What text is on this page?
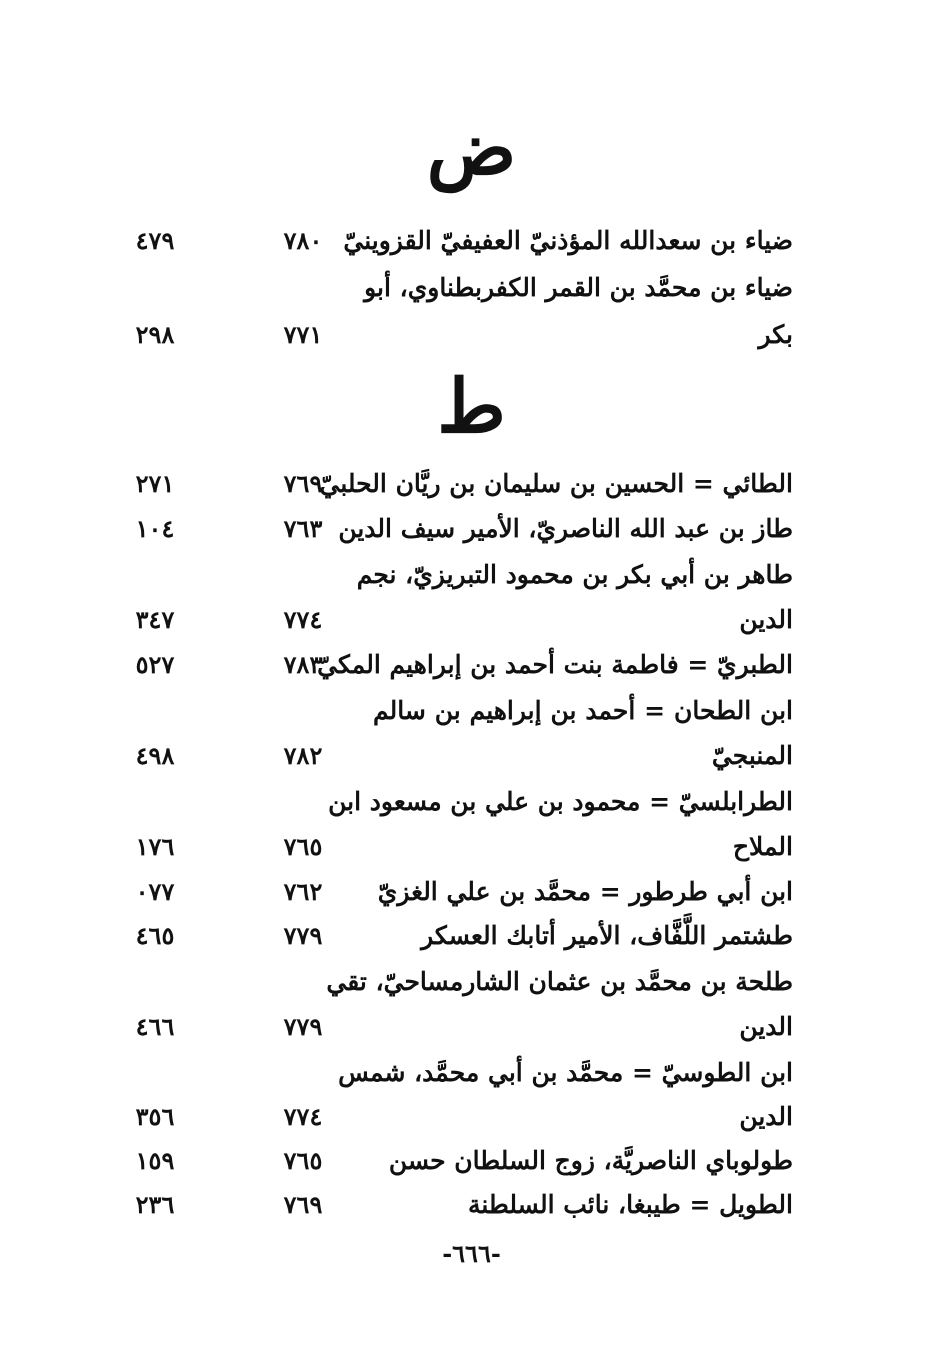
ض
ضياء بن سعدالله المؤذنيّ العفيفيّ القزوينيّ
٧٨٠
٤٧٩
ضياء بن محمَّد بن القمر الكفربطناوي، أبو
بكر
٧٧١
٢٩٨
ط
الطائي = الحسين بن سليمان بن ريَّان الحلبيّ
٧٦٩
٢٧١
طاز بن عبد الله الناصريّ، الأمير سيف الدين
٧٦٣
١٠٤
طاهر بن أبي بكر بن محمود التبريزيّ، نجم
الدين
٧٧٤
٣٤٧
الطبريّ = فاطمة بنت أحمد بن إبراهيم المكيّ
٧٨٣
٥٢٧
ابن الطحان = أحمد بن إبراهيم بن سالم
المنبجيّ
٧٨٢
٤٩٨
الطرابلسيّ = محمود بن علي بن مسعود ابن
الملاح
٧٦٥
١٧٦
ابن أبي طرطور = محمَّد بن علي الغزيّ
٧٦٢
٠٧٧
طشتمر اللَّفَّاف، الأمير أتابك العسكر
٧٧٩
٤٦٥
طلحة بن محمَّد بن عثمان الشارمساحيّ، تقي
الدين
٧٧٩
٤٦٦
ابن الطوسيّ = محمَّد بن أبي محمَّد، شمس
الدين
٧٧٤
٣٥٦
طولوباي الناصريَّة، زوج السلطان حسن
٧٦٥
١٥٩
الطويل = طيبغا، نائب السلطنة
٧٦٩
٢٣٦
-٦٦٦-
